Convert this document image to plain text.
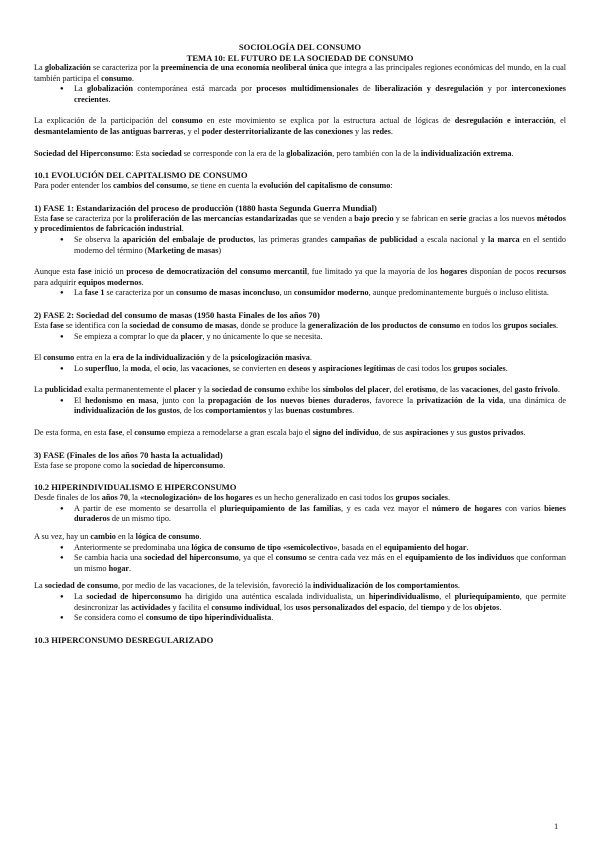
SOCIOLOGÍA DEL CONSUMO
TEMA 10: EL FUTURO DE LA SOCIEDAD DE CONSUMO

La globalización se caracteriza por la preeminencia de una economía neoliberal única que integra a las principales regiones económicas del mundo, en la cual también participa el consumo.

● La globalización contemporánea está marcada por procesos multidimensionales de liberalización y desregulación y por interconexiones crecientes.

La explicación de la participación del consumo en este movimiento se explica por la estructura actual de lógicas de desregulación e interacción, el desmantelamiento de las antiguas barreras, y el poder desterritorializante de las conexiones y las redes.

Sociedad del Hiperconsumo: Esta sociedad se corresponde con la era de la globalización, pero también con la de la individualización extrema.

10.1 EVOLUCIÓN DEL CAPITALISMO DE CONSUMO

Para poder entender los cambios del consumo, se tiene en cuenta la evolución del capitalismo de consumo:

1) FASE 1: Estandarización del proceso de producción (1880 hasta Segunda Guerra Mundial)

Esta fase se caracteriza por la proliferación de las mercancías estandarizadas que se venden a bajo precio y se fabrican en serie gracias a los nuevos métodos y procedimientos de fabricación industrial.

● Se observa la aparición del embalaje de productos, las primeras grandes campañas de publicidad a escala nacional y la marca en el sentido moderno del término (Marketing de masas)

Aunque esta fase inició un proceso de democratización del consumo mercantil, fue limitado ya que la mayoría de los hogares disponían de pocos recursos para adquirir equipos modernos.

● La fase 1 se caracteriza por un consumo de masas inconcluso, un consumidor moderno, aunque predominantemente burgués o incluso elitista.
2) FASE 2: Sociedad del consumo de masas (1950 hasta Finales de los años 70)

Esta fase se identifica con la sociedad de consumo de masas, donde se produce la generalización de los productos de consumo en todos los grupos sociales.

● Se empieza a comprar lo que da placer, y no únicamente lo que se necesita.

El consumo entra en la era de la individualización y de la psicologización masiva.

● Lo superfluo, la moda, el ocio, las vacaciones, se convierten en deseos y aspiraciones legítimas de casi todos los grupos sociales.

La publicidad exalta permanentemente el placer y la sociedad de consumo exhibe los símbolos del placer, del erotismo, de las vacaciones, del gasto frívolo.

● El hedonismo en masa, junto con la propagación de los nuevos bienes duraderos, favorece la privatización de la vida, una dinámica de individualización de los gustos, de los comportamientos y las buenas costumbres.

De esta forma, en esta fase, el consumo empieza a remodelarse a gran escala bajo el signo del individuo, de sus aspiraciones y sus gustos privados.

3) FASE (Finales de los años 70 hasta la actualidad)

Esta fase se propone como la sociedad de hiperconsumo.

10.2 HIPERINDIVIDUALISMO E HIPERCONSUMO

Desde finales de los años 70, la «tecnologización» de los hogares es un hecho generalizado en casi todos los grupos sociales.

● A partir de ese momento se desarrolla el pluriequipamiento de las familias, y es cada vez mayor el número de hogares con varios bienes duraderos de un mismo tipo.

A su vez, hay un cambio en la lógica de consumo.

● Anteriormente se predominaba una lógica de consumo de tipo «semicolectivo», basada en el equipamiento del hogar.
● Se cambia hacia una sociedad del hiperconsumo, ya que el consumo se centra cada vez más en el equipamiento de los individuos que conforman un mismo hogar.

La sociedad de consumo, por medio de las vacaciones, de la televisión, favoreció la individualización de los comportamientos.

● La sociedad de hiperconsumo ha dirigido una auténtica escalada individualista, un hiperindividualismo, el pluriequipamiento, que permite desincronizar las actividades y facilita el consumo individual, los usos personalizados del espacio, del tiempo y de los objetos.
● Se considera como el consumo de tipo hiperindividualista.
10.3 HIPERCONSUMO DESREGULARIZADO
1
